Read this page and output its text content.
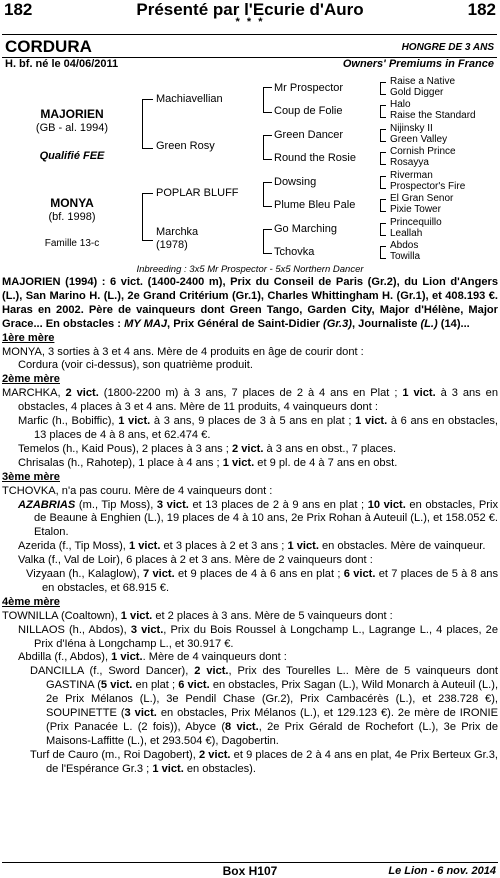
182	Présenté par l'Ecurie d'Auro	182
* * *
CORDURA	HONGRE DE 3 ANS
H. bf. né le 04/06/2011	Owners' Premiums in France
MAJORIEN
(GB - al. 1994)
Qualifié FEE
MONYA
(bf. 1998)
Famille 13-c
Machiavellian
Green Rosy
POPLAR BLUFF
Marchka
(1978)
Mr Prospector
Coup de Folie
Green Dancer
Round the Rosie
Dowsing
Plume Bleu Pale
Go Marching
Tchovka
Raise a Native
Gold Digger
Halo
Raise the Standard
Nijinsky II
Green Valley
Cornish Prince
Rosayya
Riverman
Prospector's Fire
El Gran Senor
Pixie Tower
Princequillo
Leallah
Abdos
Towilla
Inbreeding : 3x5 Mr Prospector - 5x5 Northern Dancer

MAJORIEN (1994) : 6 vict. (1400-2400 m), Prix du Conseil de Paris (Gr.2), du Lion d'Angers (L.), San Marino H. (L.), 2e Grand Critérium (Gr.1), Charles Whittingham H. (Gr.1), et 408.193 €. Haras en 2002. Père de vainqueurs dont Green Tango, Garden City, Major d'Hélène, Major Grace... En obstacles : MY MAJ, Prix Général de Saint-Didier (Gr.3), Journaliste (L.) (14)...

1ère mère

MONYA, 3 sorties à 3 et 4 ans. Mère de 4 produits en âge de courir dont :

Cordura (voir ci-dessus), son quatrième produit.

2ème mère

MARCHKA, 2 vict. (1800-2200 m) à 3 ans, 7 places de 2 à 4 ans en Plat ; 1 vict. à 3 ans en obstacles, 4 places à 3 et 4 ans. Mère de 11 produits, 4 vainqueurs dont :

Marfic (h., Bobiffic), 1 vict. à 3 ans, 9 places de 3 à 5 ans en plat ; 1 vict. à 6 ans en obstacles, 13 places de 4 à 8 ans, et 62.474 €.

Temelos (h., Kaid Pous), 2 places à 3 ans ; 2 vict. à 3 ans en obst., 7 places.

Chrisalas (h., Rahotep), 1 place à 4 ans ; 1 vict. et 9 pl. de 4 à 7 ans en obst.

3ème mère

TCHOVKA, n'a pas couru. Mère de 4 vainqueurs dont :

AZABRIAS (m., Tip Moss), 3 vict. et 13 places de 2 à 9 ans en plat ; 10 vict. en obstacles, Prix de Beaune à Enghien (L.), 19 places de 4 à 10 ans, 2e Prix Rohan à Auteuil (L.), et 158.052 €. Etalon.

Azerida (f., Tip Moss), 1 vict. et 3 places à 2 et 3 ans ; 1 vict. en obstacles. Mère de vainqueur.

Valka (f., Val de Loir), 6 places à 2 et 3 ans. Mère de 2 vainqueurs dont :

Vizyaan (h., Kalaglow), 7 vict. et 9 places de 4 à 6 ans en plat ; 6 vict. et 7 places de 5 à 8 ans en obstacles, et 68.915 €.

4ème mère

TOWNILLA (Coaltown), 1 vict. et 2 places à 3 ans. Mère de 5 vainqueurs dont :

NILLAOS (h., Abdos), 3 vict., Prix du Bois Roussel à Longchamp L., Lagrange L., 4 places, 2e Prix d'Iéna à Longchamp L., et 30.917 €.

Abdilla (f., Abdos), 1 vict.. Mère de 4 vainqueurs dont :

DANCILLA (f., Sword Dancer), 2 vict., Prix des Tourelles L.. Mère de 5 vainqueurs dont GASTINA (5 vict. en plat ; 6 vict. en obstacles, Prix Sagan (L.), Wild Monarch à Auteuil (L.), 2e Prix Mélanos (L.), 3e Pendil Chase (Gr.2), Prix Cambacérès (L.), et 238.728 €), SOUPINETTE (3 vict. en obstacles, Prix Mélanos (L.), et 129.123 €). 2e mère de IRONIE (Prix Panacée L. (2 fois)), Abyce (8 vict., 2e Prix Gérald de Rochefort (L.), 3e Prix de Maisons-Laffitte (L.), et 293.504 €), Dagobertin.

Turf de Cauro (m., Roi Dagobert), 2 vict. et 9 places de 2 à 4 ans en plat, 4e Prix Berteux Gr.3, de l'Espérance Gr.3 ; 1 vict. en obstacles).

Box H107	Le Lion - 6 nov. 2014
